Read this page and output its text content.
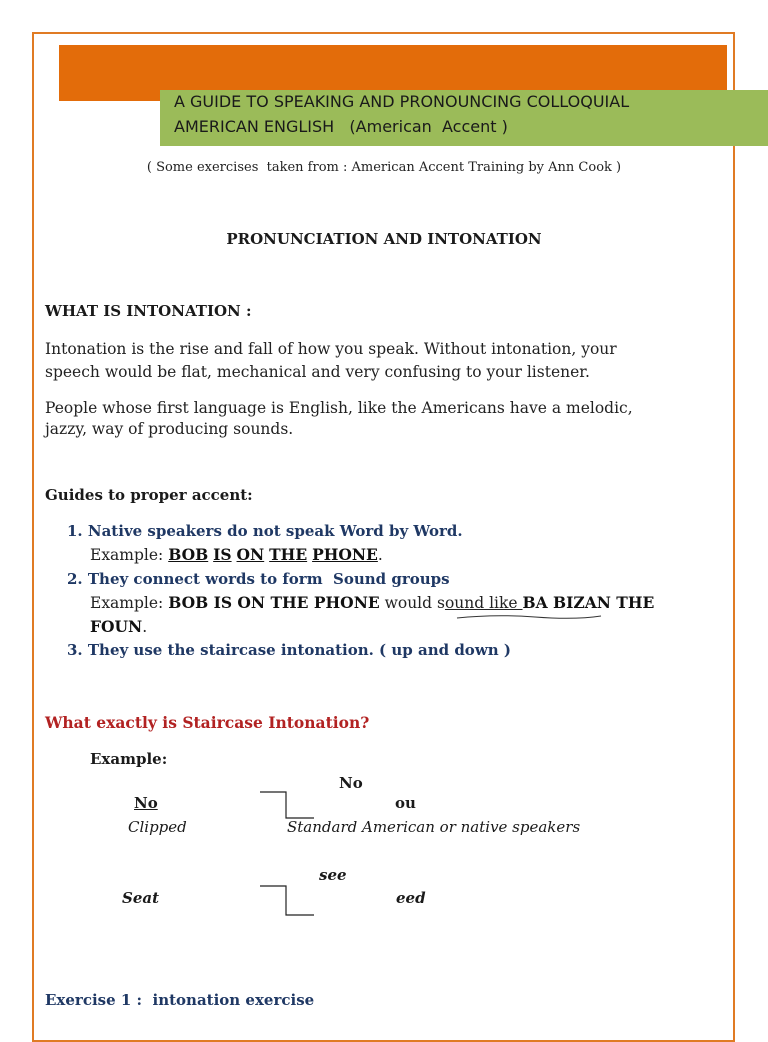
A GUIDE TO SPEAKING AND PRONOUNCING COLLOQUIAL
AMERICAN ENGLISH   (American  Accent )
( Some exercises  taken from : American Accent Training by Ann Cook )
PRONUNCIATION AND INTONATION
WHAT IS INTONATION :
Intonation is the rise and fall of how you speak. Without intonation, your
speech would be flat, mechanical and very confusing to your listener.
People whose first language is English, like the Americans have a melodic,
jazzy, way of producing sounds.
Guides to proper accent:
1. Native speakers do not speak Word by Word.
Example: BOB IS ON THE PHONE.
2. They connect words to form  Sound groups
Example: BOB IS ON THE PHONE would sound like BA BIZAN THE
FOUN.
3. They use the staircase intonation. ( up and down )
What exactly is Staircase Intonation?
Example:
No
No	ou
Clipped	Standard American or native speakers
see
Seat	eed
Exercise 1 :  intonation exercise
